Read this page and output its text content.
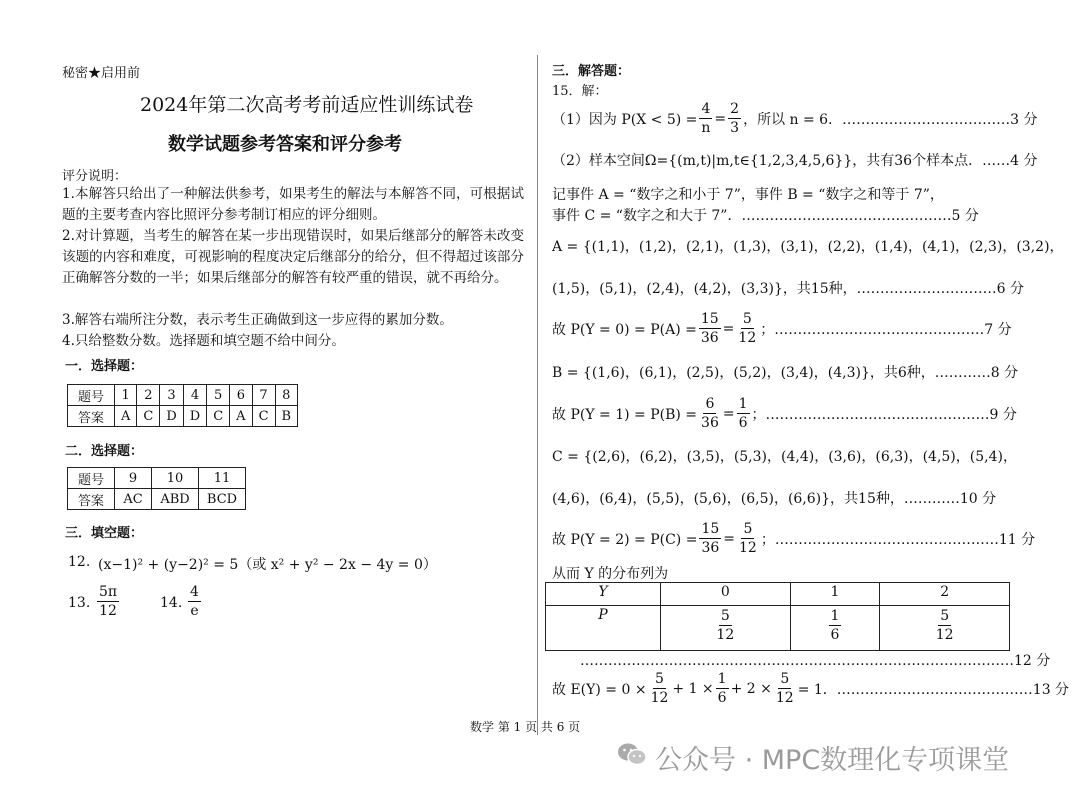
秘密★启用前
2024年第二次高考考前适应性训练试卷
数学试题参考答案和评分参考
评分说明：
1.本解答只给出了一种解法供参考，如果考生的解法与本解答不同，可根据试题的主要考查内容比照评分参考制订相应的评分细则。
2.对计算题，当考生的解答在某一步出现错误时，如果后继部分的解答未改变该题的内容和难度，可视影响的程度决定后继部分的给分，但不得超过该部分正确解答分数的一半；如果后继部分的解答有较严重的错误，就不再给分。
3.解答右端所注分数，表示考生正确做到这一步应得的累加分数。
4.只给整数分数。选择题和填空题不给中间分。
一．选择题：
题号	1	2	3	4	5	6	7	8
答案	A	C	D	D	C	A	C	B
二．选择题：
题号	9	10	11
答案	AC	ABD	BCD
三．填空题：
12. (x−1)² + (y−2)² = 5（或 x² + y² − 2x − 4y = 0）
13. $\frac{5\pi}{12}$	14. $\frac{4}{e}$
三．解答题：
15．解：
（1）因为 $P(X < 5) = \frac{4}{n} = \frac{2}{3}$ ，所以 n = 6． ………………………………3 分
（2）样本空间Ω={(m,t)|m,t∈{1,2,3,4,5,6}}，共有36个样本点．……4 分
记事件 A = “数字之和小于 7”，事件 B = “数字之和等于 7”，
事件 C = “数字之和大于 7”．………………………………………5 分
A = {(1,1)，(1,2)，(2,1)，(1,3)，(3,1)，(2,2)，(1,4)，(4,1)，(2,3)，(3,2)，
(1,5)，(5,1)，(2,4)，(4,2)，(3,3)}，共15种，…………………………6 分
故 $P(Y = 0) = P(A) = \frac{15}{36} = \frac{5}{12}$ ；………………………………………7 分
B = {(1,6)，(6,1)，(2,5)，(5,2)，(3,4)，(4,3)}，共6种，…………8 分
故 $P(Y = 1) = P(B) = \frac{6}{36} = \frac{1}{6}$ ；…………………………………………9 分
C = {(2,6)，(6,2)，(3,5)，(5,3)，(4,4)，(3,6)，(6,3)，(4,5)，(5,4)，
(4,6)，(6,4)，(5,5)，(5,6)，(6,5)，(6,6)}，共15种，…………10 分
故 $P(Y = 2) = P(C) = \frac{15}{36} = \frac{5}{12}$ ；…………………………………………11 分
从而 Y 的分布列为
Y	0	1	2
P	$\frac{5}{12}$	$\frac{1}{6}$	$\frac{5}{12}$
…………………………………………………………………………………12 分
故 $E(Y) = 0 \times \frac{5}{12} + 1 \times \frac{1}{6} + 2 \times \frac{5}{12} = 1$．……………………………………13 分
数学 第 1 页 共 6 页
公众号 · MPC数理化专项课堂
